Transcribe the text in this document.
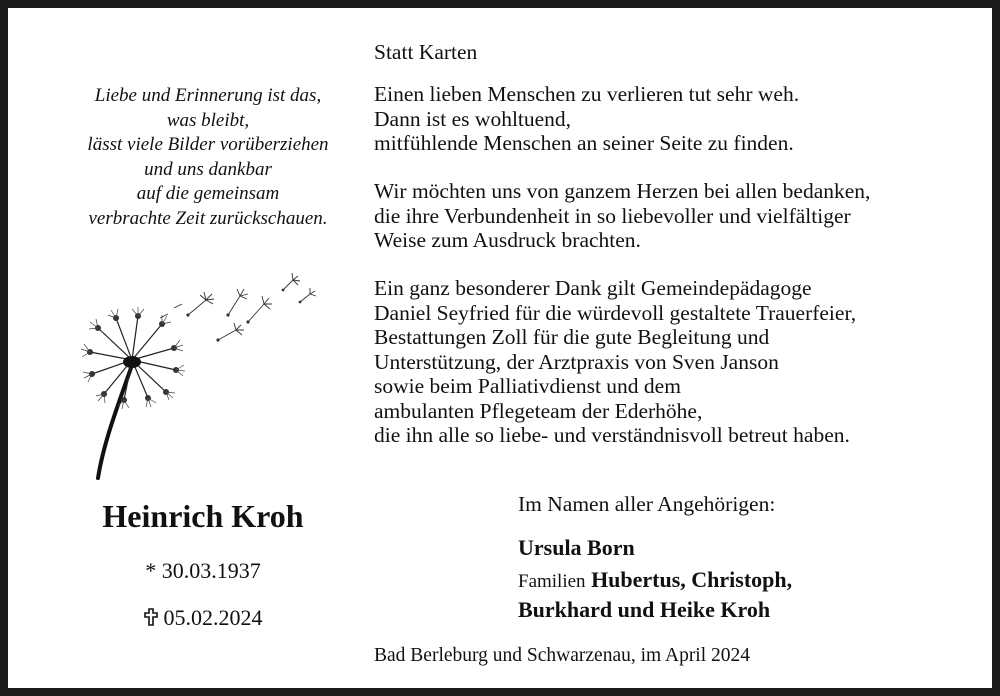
Liebe und Erinnerung ist das,
was bleibt,
lässt viele Bilder vorüberziehen
und uns dankbar
auf die gemeinsam
verbrachte Zeit zurückschauen.
Heinrich Kroh
* 30.03.1937
05.02.2024
Statt Karten
Einen lieben Menschen zu verlieren tut sehr weh.
Dann ist es wohltuend,
mitfühlende Menschen an seiner Seite zu finden.
Wir möchten uns von ganzem Herzen bei allen bedanken,
die ihre Verbundenheit in so liebevoller und vielfältiger
Weise zum Ausdruck brachten.
Ein ganz besonderer Dank gilt Gemeindepädagoge
Daniel Seyfried für die würdevoll gestaltete Trauerfeier,
Bestattungen Zoll für die gute Begleitung und
Unterstützung, der Arztpraxis von Sven Janson
sowie beim Palliativdienst und dem
ambulanten Pflegeteam der Ederhöhe,
die ihn alle so liebe- und verständnisvoll betreut haben.
Im Namen aller Angehörigen:
Ursula Born
Familien Hubertus, Christoph,
Burkhard und Heike Kroh
Bad Berleburg und Schwarzenau, im April 2024
